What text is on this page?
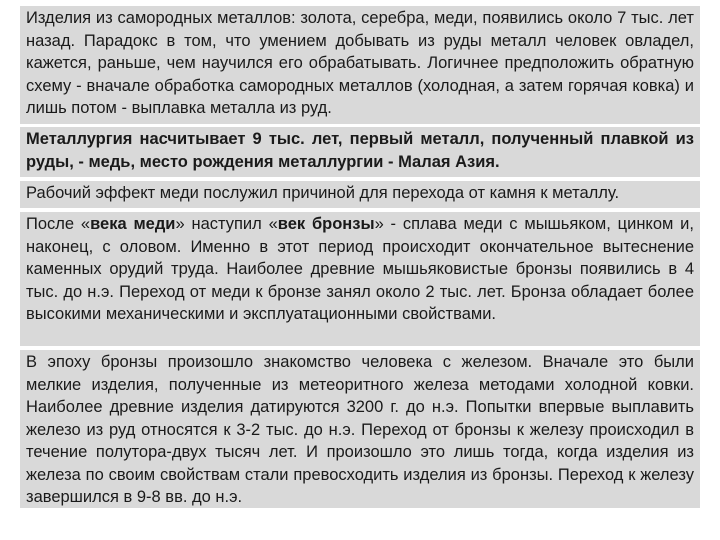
Изделия из самородных металлов: золота, серебра, меди, появились около 7 тыс. лет назад. Парадокс в том, что умением добывать из руды металл человек овладел, кажется, раньше, чем научился его обрабатывать. Логичнее предположить обратную схему - вначале обработка самородных металлов (холодная, а затем горячая ковка) и лишь потом - выплавка металла из руд.

Металлургия насчитывает 9 тыс. лет, первый металл, полученный плавкой из руды, - медь, место рождения металлургии - Малая Азия.

Рабочий эффект меди послужил причиной для перехода от камня к металлу.

После «века меди» наступил «век бронзы» - сплава меди с мышьяком, цинком и, наконец, с оловом. Именно в этот период происходит окончательное вытеснение каменных орудий труда. Наиболее древние мышьяковистые бронзы появились в 4 тыс. до н.э. Переход от меди к бронзе занял около 2 тыс. лет. Бронза обладает более высокими механическими и эксплуатационными свойствами.

В эпоху бронзы произошло знакомство человека с железом. Вначале это были мелкие изделия, полученные из метеоритного железа методами холодной ковки. Наиболее древние изделия датируются 3200 г. до н.э. Попытки впервые выплавить железо из руд относятся к 3-2 тыс. до н.э. Переход от бронзы к железу происходил в течение полутора-двух тысяч лет. И произошло это лишь тогда, когда изделия из железа по своим свойствам стали превосходить изделия из бронзы. Переход к железу завершился в 9-8 вв. до н.э.
